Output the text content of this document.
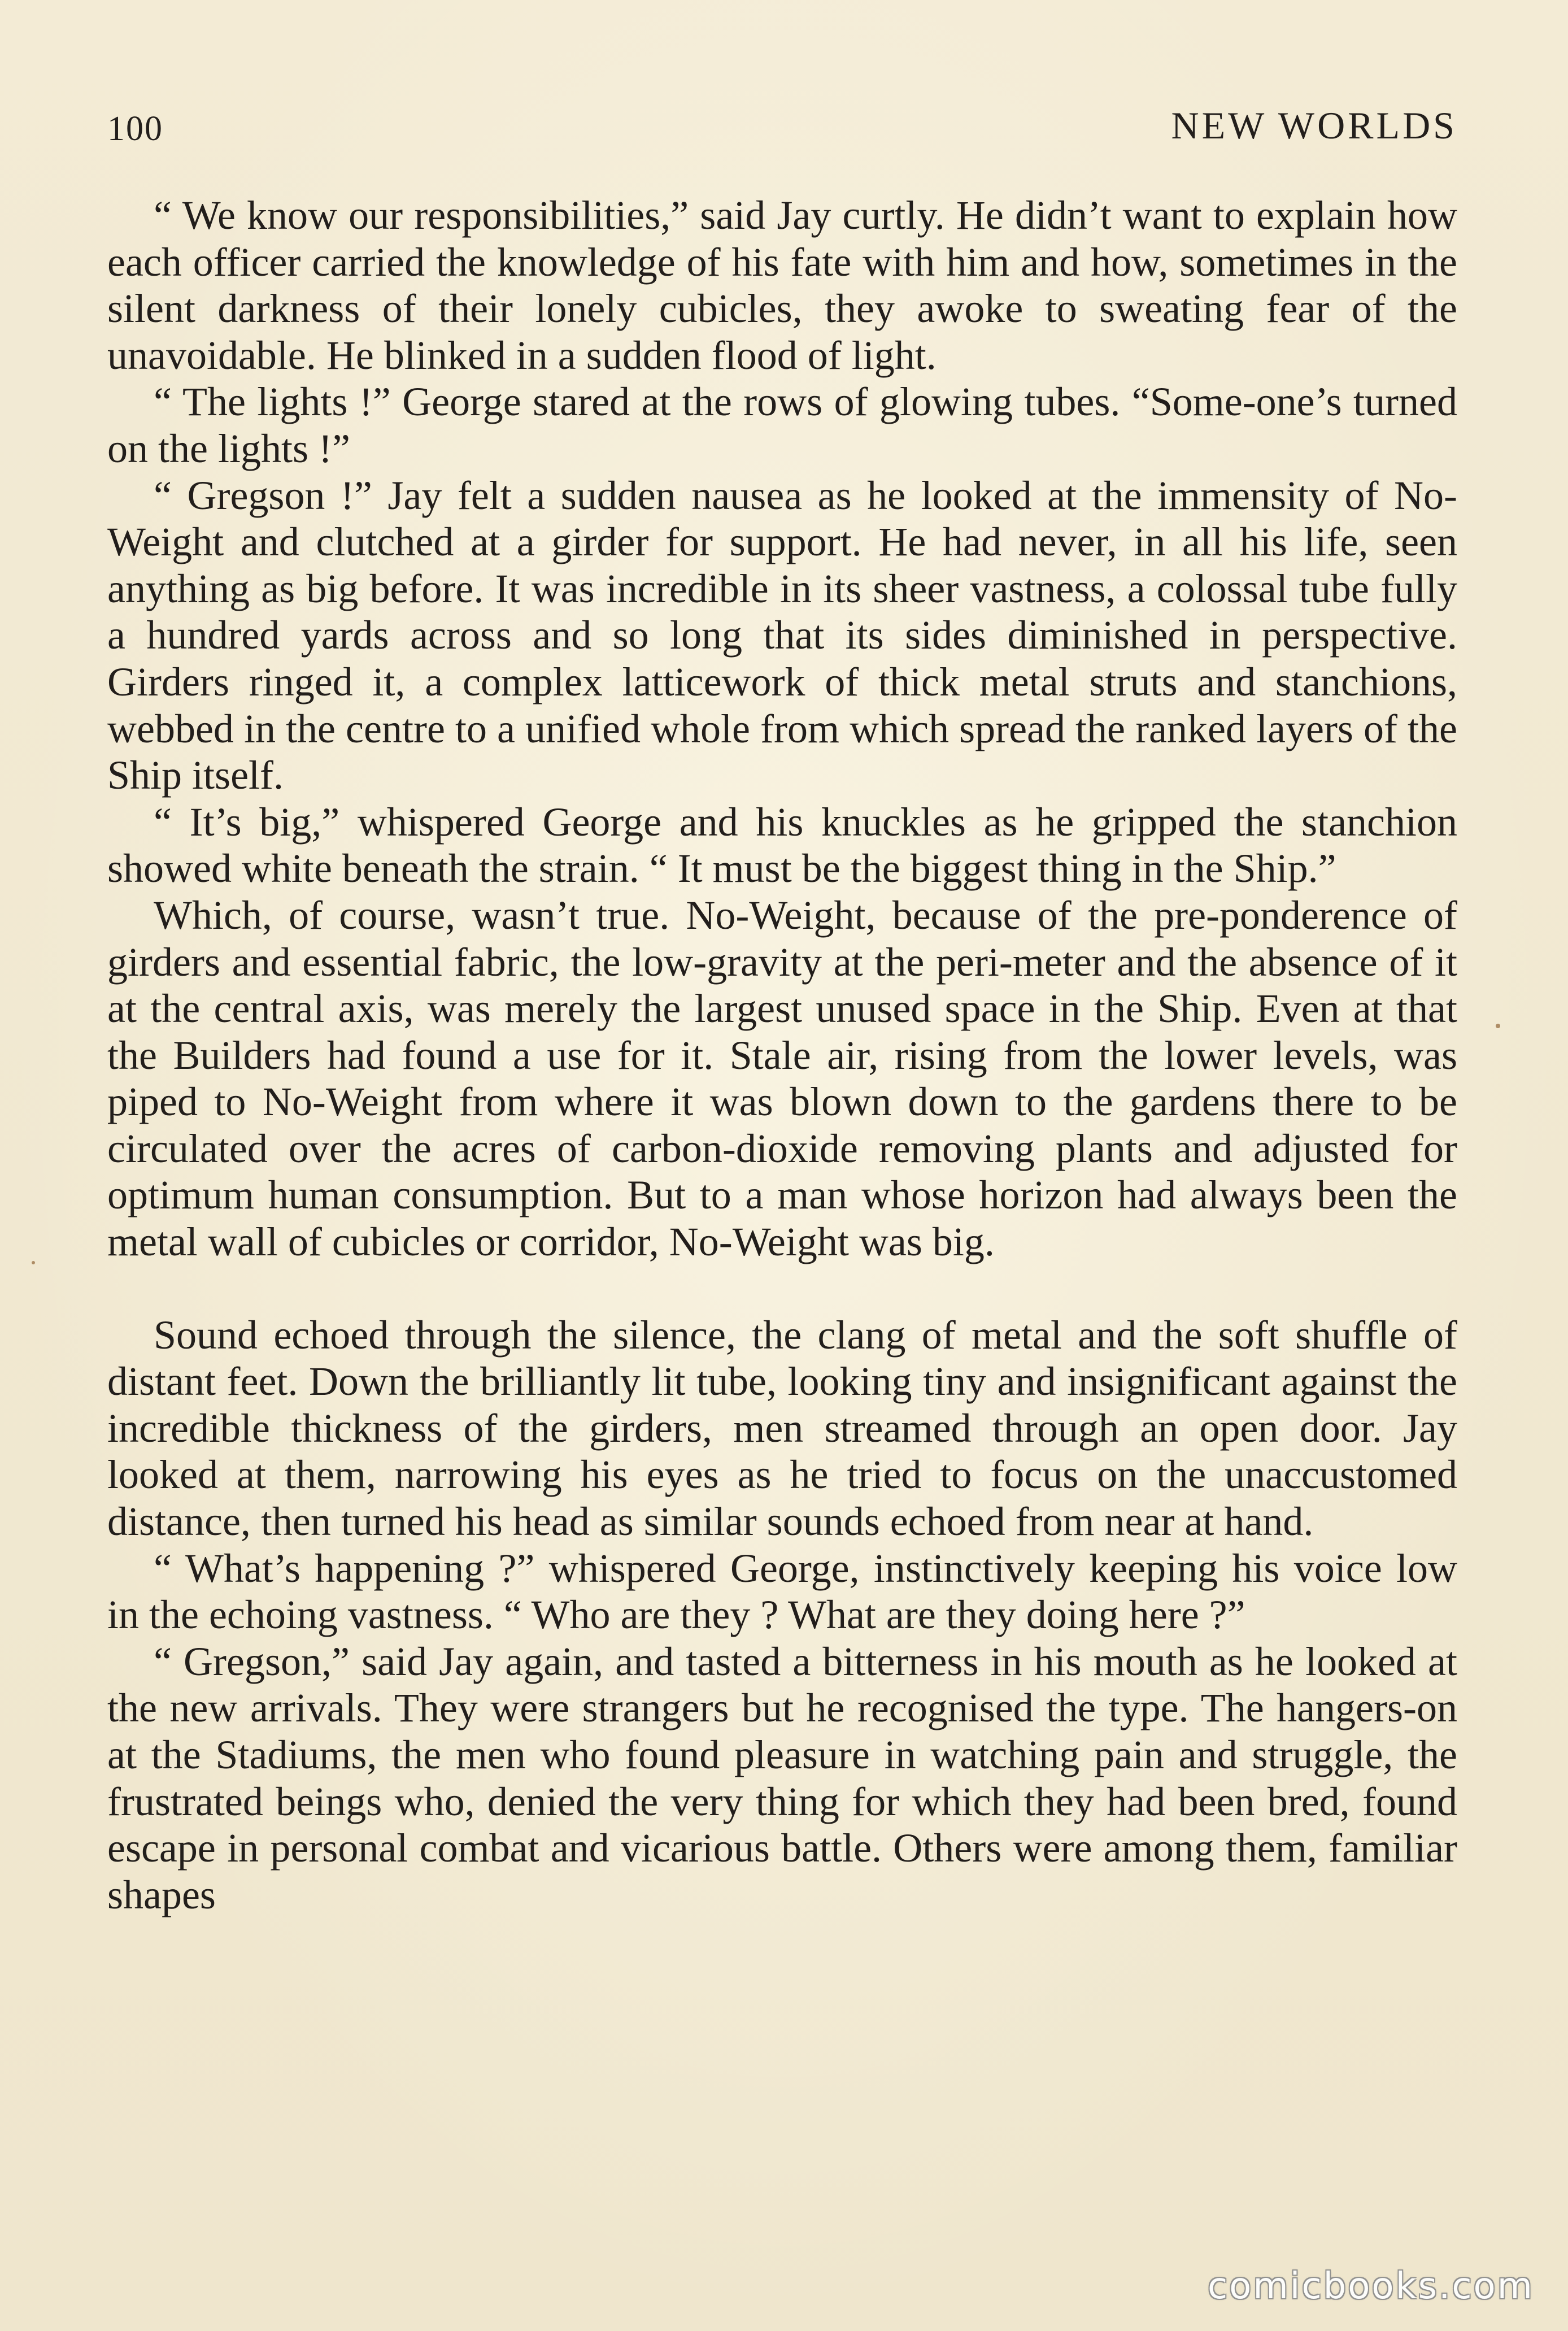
100	NEW WORLDS

“ We know our responsibilities,” said Jay curtly. He didn’t want to explain how each officer carried the knowledge of his fate with him and how, sometimes in the silent darkness of their lonely cubicles, they awoke to sweating fear of the unavoidable. He blinked in a sudden flood of light.

“ The lights !” George stared at the rows of glowing tubes. “Some-one’s turned on the lights !”

“ Gregson !” Jay felt a sudden nausea as he looked at the immensity of No-Weight and clutched at a girder for support. He had never, in all his life, seen anything as big before. It was incredible in its sheer vastness, a colossal tube fully a hundred yards across and so long that its sides diminished in perspective. Girders ringed it, a complex latticework of thick metal struts and stanchions, webbed in the centre to a unified whole from which spread the ranked layers of the Ship itself.

“ It’s big,” whispered George and his knuckles as he gripped the stanchion showed white beneath the strain. “ It must be the biggest thing in the Ship.”

Which, of course, wasn’t true. No-Weight, because of the pre-ponderence of girders and essential fabric, the low-gravity at the peri-meter and the absence of it at the central axis, was merely the largest unused space in the Ship. Even at that the Builders had found a use for it. Stale air, rising from the lower levels, was piped to No-Weight from where it was blown down to the gardens there to be circulated over the acres of carbon-dioxide removing plants and adjusted for optimum human consumption. But to a man whose horizon had always been the metal wall of cubicles or corridor, No-Weight was big.

Sound echoed through the silence, the clang of metal and the soft shuffle of distant feet. Down the brilliantly lit tube, looking tiny and insignificant against the incredible thickness of the girders, men streamed through an open door. Jay looked at them, narrowing his eyes as he tried to focus on the unaccustomed distance, then turned his head as similar sounds echoed from near at hand.

“ What’s happening ?” whispered George, instinctively keeping his voice low in the echoing vastness. “ Who are they ? What are they doing here ?”

“ Gregson,” said Jay again, and tasted a bitterness in his mouth as he looked at the new arrivals. They were strangers but he recognised the type. The hangers-on at the Stadiums, the men who found pleasure in watching pain and struggle, the frustrated beings who, denied the very thing for which they had been bred, found escape in personal combat and vicarious battle. Others were among them, familiar shapes

comicbooks.com
